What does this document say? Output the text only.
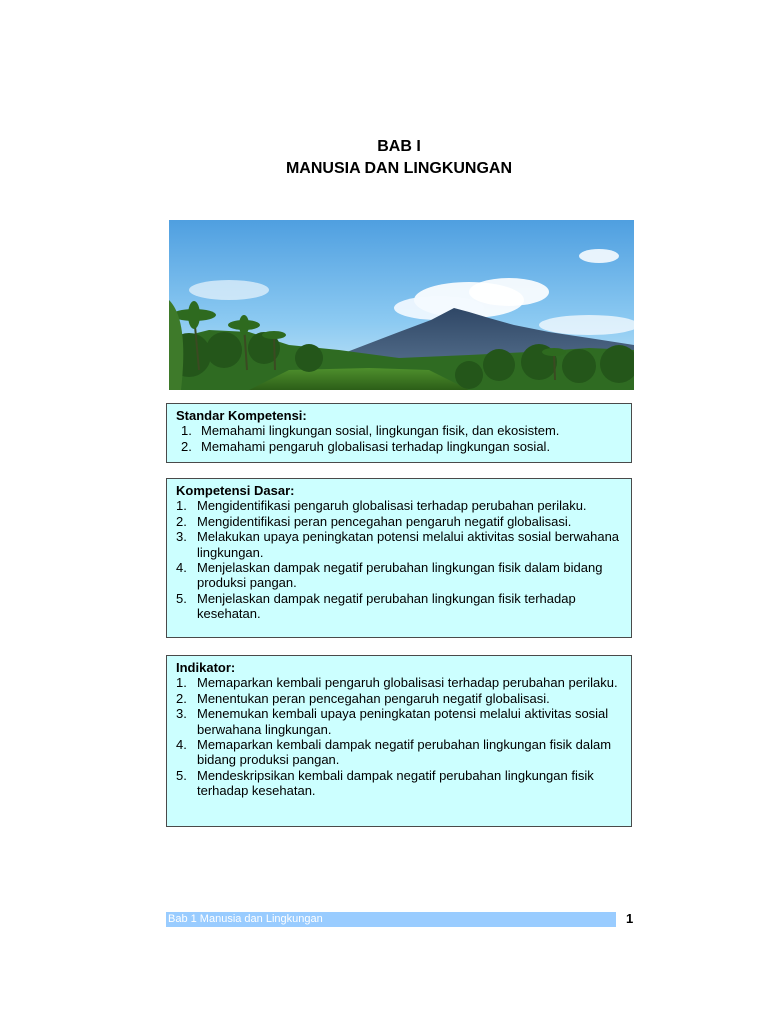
BAB I
MANUSIA DAN LINGKUNGAN
Standar Kompetensi:
1. Memahami lingkungan sosial, lingkungan fisik, dan ekosistem.
2. Memahami pengaruh globalisasi terhadap lingkungan sosial.
Kompetensi Dasar:
1. Mengidentifikasi pengaruh globalisasi terhadap perubahan perilaku.
2. Mengidentifikasi peran pencegahan pengaruh negatif globalisasi.
3. Melakukan upaya peningkatan potensi melalui aktivitas sosial berwahana lingkungan.
4. Menjelaskan dampak negatif perubahan lingkungan fisik dalam bidang produksi pangan.
5. Menjelaskan dampak negatif perubahan lingkungan fisik terhadap kesehatan.
Indikator:
1. Memaparkan kembali pengaruh globalisasi terhadap perubahan perilaku.
2. Menentukan peran pencegahan pengaruh negatif globalisasi.
3. Menemukan kembali upaya peningkatan potensi melalui aktivitas sosial berwahana lingkungan.
4. Memaparkan kembali dampak negatif perubahan lingkungan fisik dalam bidang produksi pangan.
5. Mendeskripsikan kembali dampak negatif perubahan lingkungan fisik terhadap kesehatan.
Bab 1 Manusia dan Lingkungan	1
